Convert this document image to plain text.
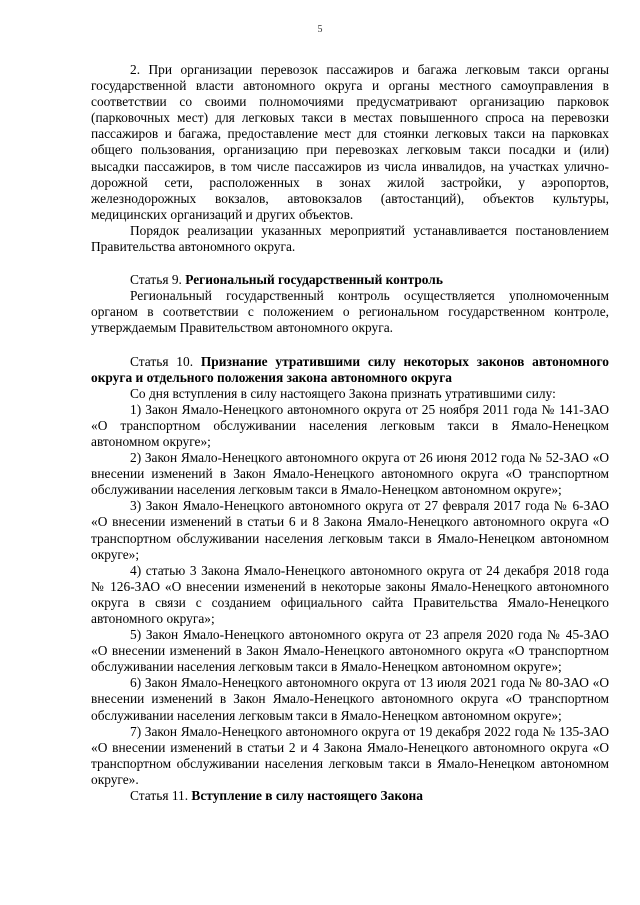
5

2. При организации перевозок пассажиров и багажа легковым такси органы государственной власти автономного округа и органы местного самоуправления в соответствии со своими полномочиями предусматривают организацию парковок (парковочных мест) для легковых такси в местах повышенного спроса на перевозки пассажиров и багажа, предоставление мест для стоянки легковых такси на парковках общего пользования, организацию при перевозках легковым такси посадки и (или) высадки пассажиров, в том числе пассажиров из числа инвалидов, на участках улично-дорожной сети, расположенных в зонах жилой застройки, у аэропортов, железнодорожных вокзалов, автовокзалов (автостанций), объектов культуры, медицинских организаций и других объектов.

Порядок реализации указанных мероприятий устанавливается постановлением Правительства автономного округа.

Статья 9. Региональный государственный контроль

Региональный государственный контроль осуществляется уполномоченным органом в соответствии с положением о региональном государственном контроле, утверждаемым Правительством автономного округа.

Статья 10. Признание утратившими силу некоторых законов автономного округа и отдельного положения закона автономного округа

Со дня вступления в силу настоящего Закона признать утратившими силу:

1) Закон Ямало-Ненецкого автономного округа от 25 ноября 2011 года № 141-ЗАО «О транспортном обслуживании населения легковым такси в Ямало-Ненецком автономном округе»;

2) Закон Ямало-Ненецкого автономного округа от 26 июня 2012 года № 52-ЗАО «О внесении изменений в Закон Ямало-Ненецкого автономного округа «О транспортном обслуживании населения легковым такси в Ямало-Ненецком автономном округе»;

3) Закон Ямало-Ненецкого автономного округа от 27 февраля 2017 года № 6-ЗАО «О внесении изменений в статьи 6 и 8 Закона Ямало-Ненецкого автономного округа «О транспортном обслуживании населения легковым такси в Ямало-Ненецком автономном округе»;

4) статью 3 Закона Ямало-Ненецкого автономного округа от 24 декабря 2018 года № 126-ЗАО «О внесении изменений в некоторые законы Ямало-Ненецкого автономного округа в связи с созданием официального сайта Правительства Ямало-Ненецкого автономного округа»;

5) Закон Ямало-Ненецкого автономного округа от 23 апреля 2020 года № 45-ЗАО «О внесении изменений в Закон Ямало-Ненецкого автономного округа «О транспортном обслуживании населения легковым такси в Ямало-Ненецком автономном округе»;

6) Закон Ямало-Ненецкого автономного округа от 13 июля 2021 года № 80-ЗАО «О внесении изменений в Закон Ямало-Ненецкого автономного округа «О транспортном обслуживании населения легковым такси в Ямало-Ненецком автономном округе»;

7) Закон Ямало-Ненецкого автономного округа от 19 декабря 2022 года № 135-ЗАО «О внесении изменений в статьи 2 и 4 Закона Ямало-Ненецкого автономного округа «О транспортном обслуживании населения легковым такси в Ямало-Ненецком автономном округе».

Статья 11. Вступление в силу настоящего Закона
